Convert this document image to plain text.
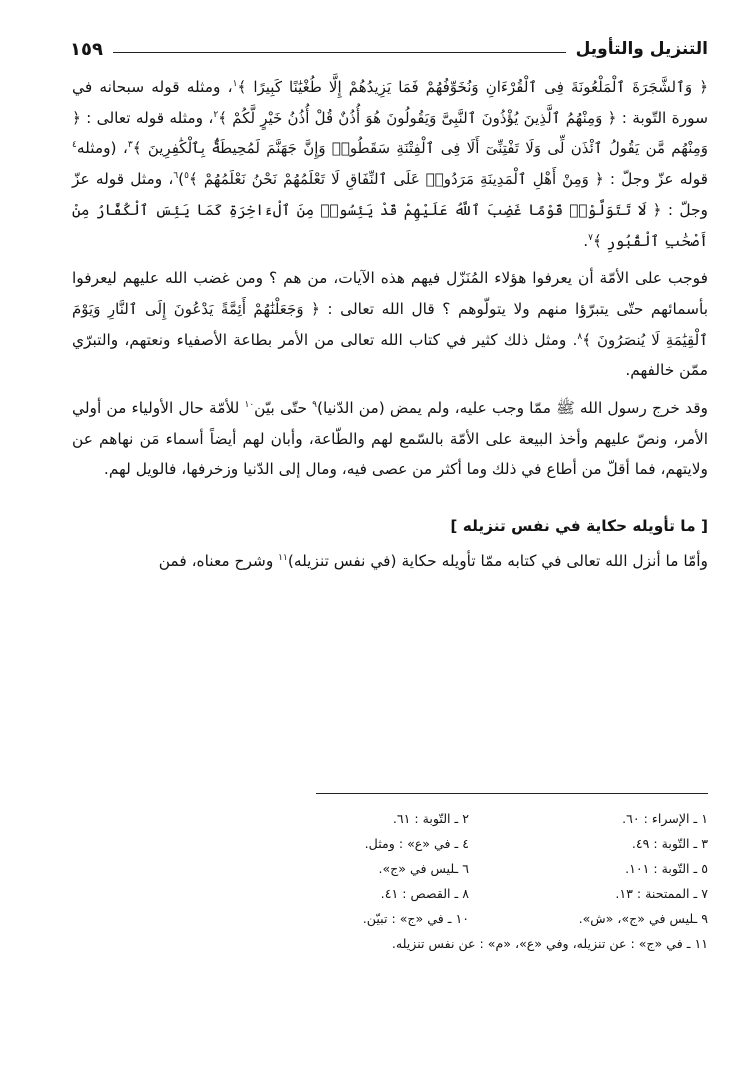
التنزيل والتأويل
١٥٩

﴿ وَٱلشَّجَرَةَ ٱلْمَلْعُونَةَ فِى ٱلْقُرْءَانِ وَنُخَوِّفُهُمْ فَمَا يَزِيدُهُمْ إِلَّا طُغْيَٰنًا كَبِيرًا ﴾$^١$، ومثله قوله سبحانه في سورة التّوبة : ﴿ وَمِنْهُمُ ٱلَّذِينَ يُؤْذُونَ ٱلنَّبِىَّ وَيَقُولُونَ هُوَ أُذُنٌ قُلْ أُذُنُ خَيْرٍ لَّكُمْ ﴾$^٢$، ومثله قوله تعالى : ﴿ وَمِنْهُم مَّن يَقُولُ ٱئْذَن لِّى وَلَا تَفْتِنِّىٓ أَلَا فِى ٱلْفِتْنَةِ سَقَطُوا۟ وَإِنَّ جَهَنَّمَ لَمُحِيطَةٌۢ بِٱلْكَٰفِرِينَ ﴾$^٣$، (ومثله$^٤$ قوله عزّ وجلّ : ﴿ وَمِنْ أَهْلِ ٱلْمَدِينَةِ مَرَدُوا۟ عَلَى ٱلنِّفَاقِ لَا تَعْلَمُهُمْ نَحْنُ نَعْلَمُهُمْ ﴾$^٥$)$^٦$، ومثل قوله عزّ وجلّ : ﴿ لَا تَتَوَلَّوْا۟ قَوْمًا غَضِبَ ٱللَّهُ عَلَيْهِمْ قَدْ يَئِسُوا۟ مِنَ ٱلْءَاخِرَةِ كَمَا يَئِسَ ٱلْكُفَّارُ مِنْ أَصْحَٰبِ ٱلْقُبُورِ ﴾$^٧$.

فوجب على الأمّة أن يعرفوا هؤلاء المُنَزّل فيهم هذه الآيات، من هم ؟ ومن غضب الله عليهم ليعرفوا بأسمائهم حتّى يتبرّؤا منهم ولا يتولّوهم ؟ قال الله تعالى : ﴿ وَجَعَلْنَٰهُمْ أَئِمَّةً يَدْعُونَ إِلَى ٱلنَّارِ وَيَوْمَ ٱلْقِيَٰمَةِ لَا يُنصَرُونَ ﴾$^٨$. ومثل ذلك كثير في كتاب الله تعالى من الأمر بطاعة الأصفياء ونعتهم، والتبرّي ممّن خالفهم.

وقد خرج رسول الله ﷺ ممّا وجب عليه، ولم يمض (من الدّنيا)$^٩$ حتّى بيّن$^{١٠}$ للأمّة حال الأولياء من أولي الأمر، ونصّ عليهم وأخذ البيعة على الأمّة بالسّمع لهم والطّاعة، وأبان لهم أيضاً أسماء مَن نهاهم عن ولايتهم، فما أقلّ من أطاع في ذلك وما أكثر من عصى فيه، ومال إلى الدّنيا وزخرفها، فالويل لهم.

[ ما تأويله حكاية في نفس تنزيله ]

وأمّا ما أنزل الله تعالى في كتابه ممّا تأويله حكاية (في نفس تنزيله)$^{١١}$ وشرح معناه، فمن

١ ـ الإسراء : ٦٠.
٢ ـ التّوبة : ٦١.
٣ ـ التّوبة : ٤٩.
٤ ـ في «ع» : ومثل.
٥ ـ التّوبة : ١٠١.
٦ ـليس في «ج».
٧ ـ الممتحنة : ١٣.
٨ ـ القصص : ٤١.
٩ ـليس في «ج»، «ش».
١٠ ـ في «ج» : تبيّن.
١١ ـ في «ج» : عن تنزيله، وفي «ع»، «م» : عن نفس تنزيله.
